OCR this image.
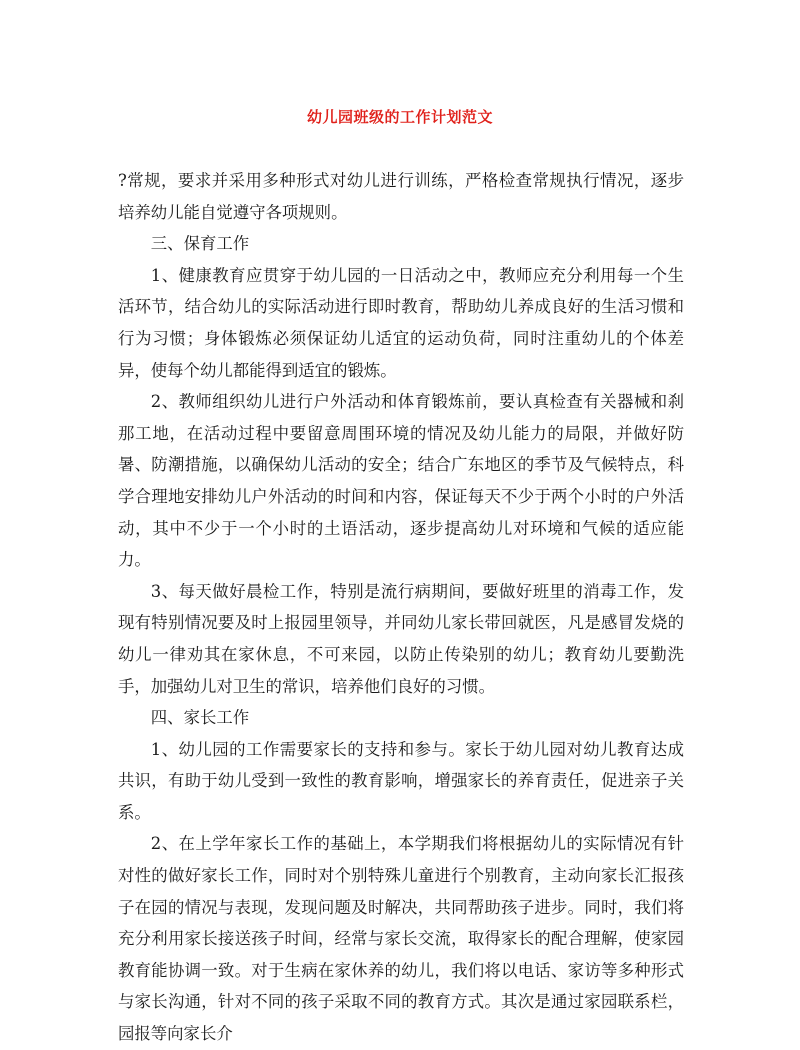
幼儿园班级的工作计划范文

?常规，要求并采用多种形式对幼儿进行训练，严格检查常规执行情况，逐步培养幼儿能自觉遵守各项规则。

三、保育工作

1、健康教育应贯穿于幼儿园的一日活动之中，教师应充分利用每一个生活环节，结合幼儿的实际活动进行即时教育，帮助幼儿养成良好的生活习惯和行为习惯；身体锻炼必须保证幼儿适宜的运动负荷，同时注重幼儿的个体差异，使每个幼儿都能得到适宜的锻炼。

2、教师组织幼儿进行户外活动和体育锻炼前，要认真检查有关器械和刹那工地，在活动过程中要留意周围环境的情况及幼儿能力的局限，并做好防暑、防潮措施，以确保幼儿活动的安全；结合广东地区的季节及气候特点，科学合理地安排幼儿户外活动的时间和内容，保证每天不少于两个小时的户外活动，其中不少于一个小时的土语活动，逐步提高幼儿对环境和气候的适应能力。

3、每天做好晨检工作，特别是流行病期间，要做好班里的消毒工作，发现有特别情况要及时上报园里领导，并同幼儿家长带回就医，凡是感冒发烧的幼儿一律劝其在家休息，不可来园，以防止传染别的幼儿；教育幼儿要勤洗手，加强幼儿对卫生的常识，培养他们良好的习惯。

四、家长工作

1、幼儿园的工作需要家长的支持和参与。家长于幼儿园对幼儿教育达成共识，有助于幼儿受到一致性的教育影响，增强家长的养育责任，促进亲子关系。

2、在上学年家长工作的基础上，本学期我们将根据幼儿的实际情况有针对性的做好家长工作，同时对个别特殊儿童进行个别教育，主动向家长汇报孩子在园的情况与表现，发现问题及时解决，共同帮助孩子进步。同时，我们将充分利用家长接送孩子时间，经常与家长交流，取得家长的配合理解，使家园教育能协调一致。对于生病在家休养的幼儿，我们将以电话、家访等多种形式与家长沟通，针对不同的孩子采取不同的教育方式。其次是通过家园联系栏，园报等向家长介
